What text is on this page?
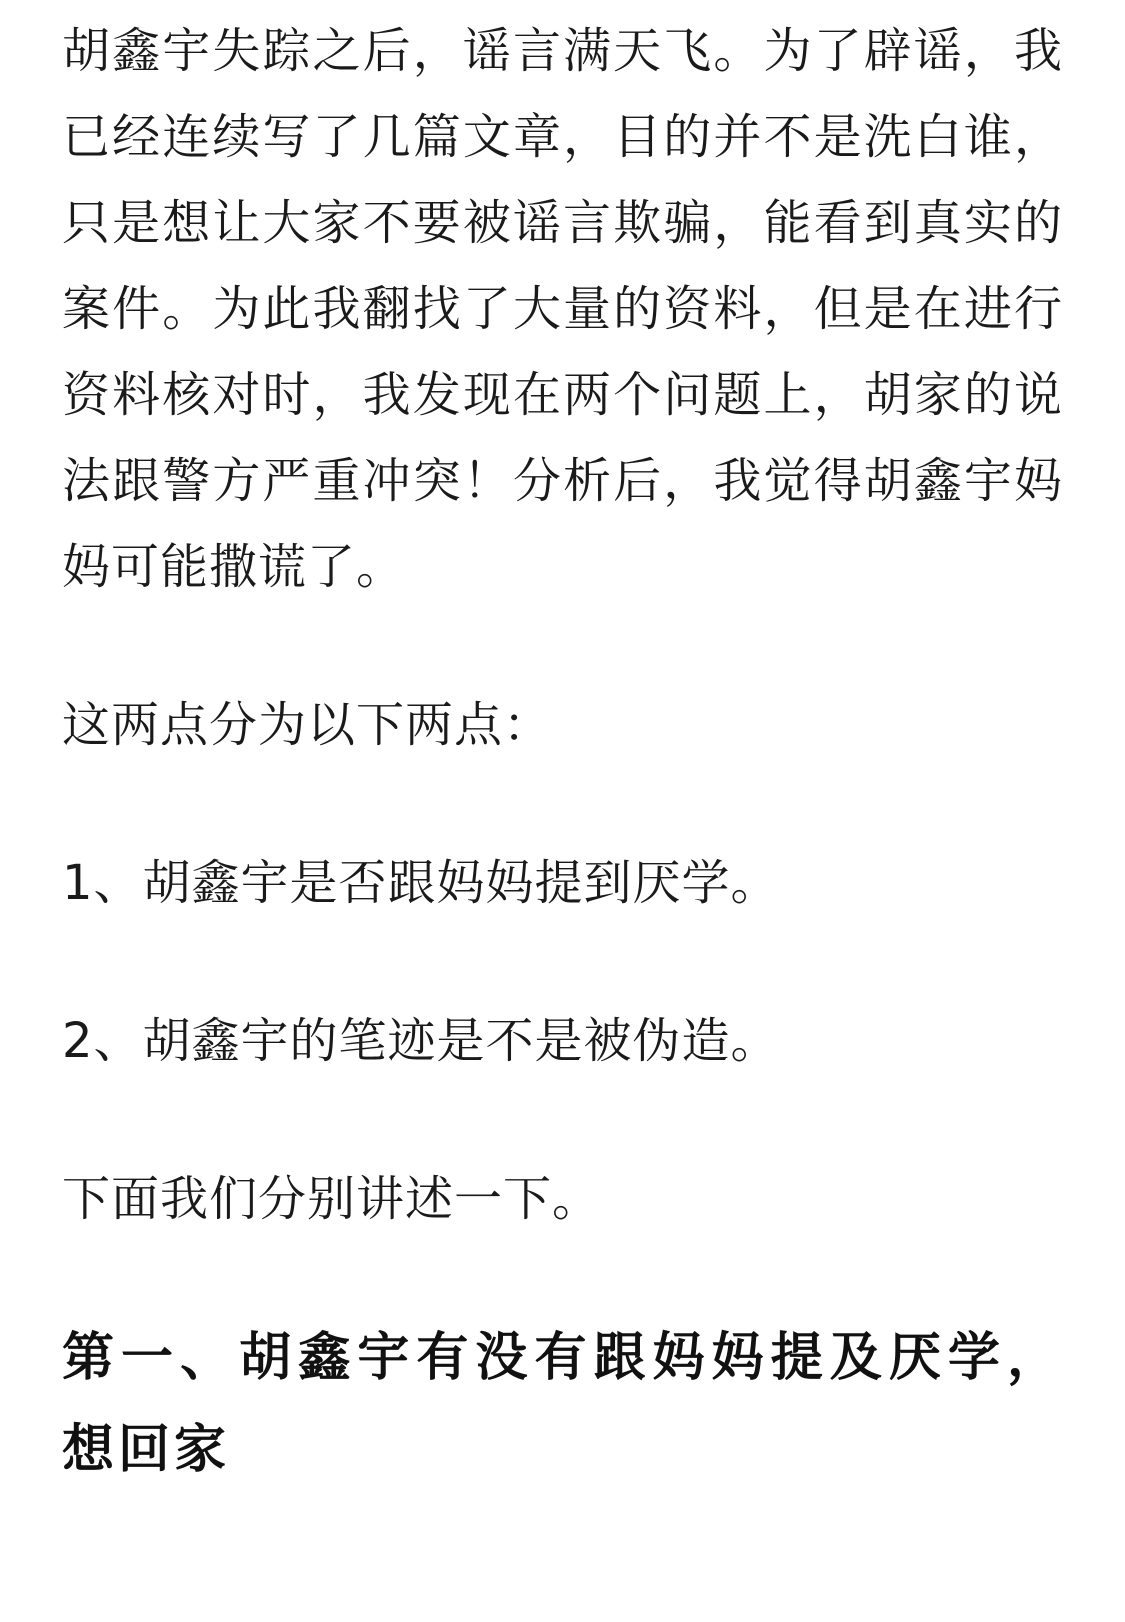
胡鑫宇失踪之后，谣言满天飞。为了辟谣，我已经连续写了几篇文章，目的并不是洗白谁，只是想让大家不要被谣言欺骗，能看到真实的案件。为此我翻找了大量的资料，但是在进行资料核对时，我发现在两个问题上，胡家的说法跟警方严重冲突！分析后，我觉得胡鑫宇妈妈可能撒谎了。

这两点分为以下两点：

1、胡鑫宇是否跟妈妈提到厌学。

2、胡鑫宇的笔迹是不是被伪造。

下面我们分别讲述一下。

第一、胡鑫宇有没有跟妈妈提及厌学，想回家
